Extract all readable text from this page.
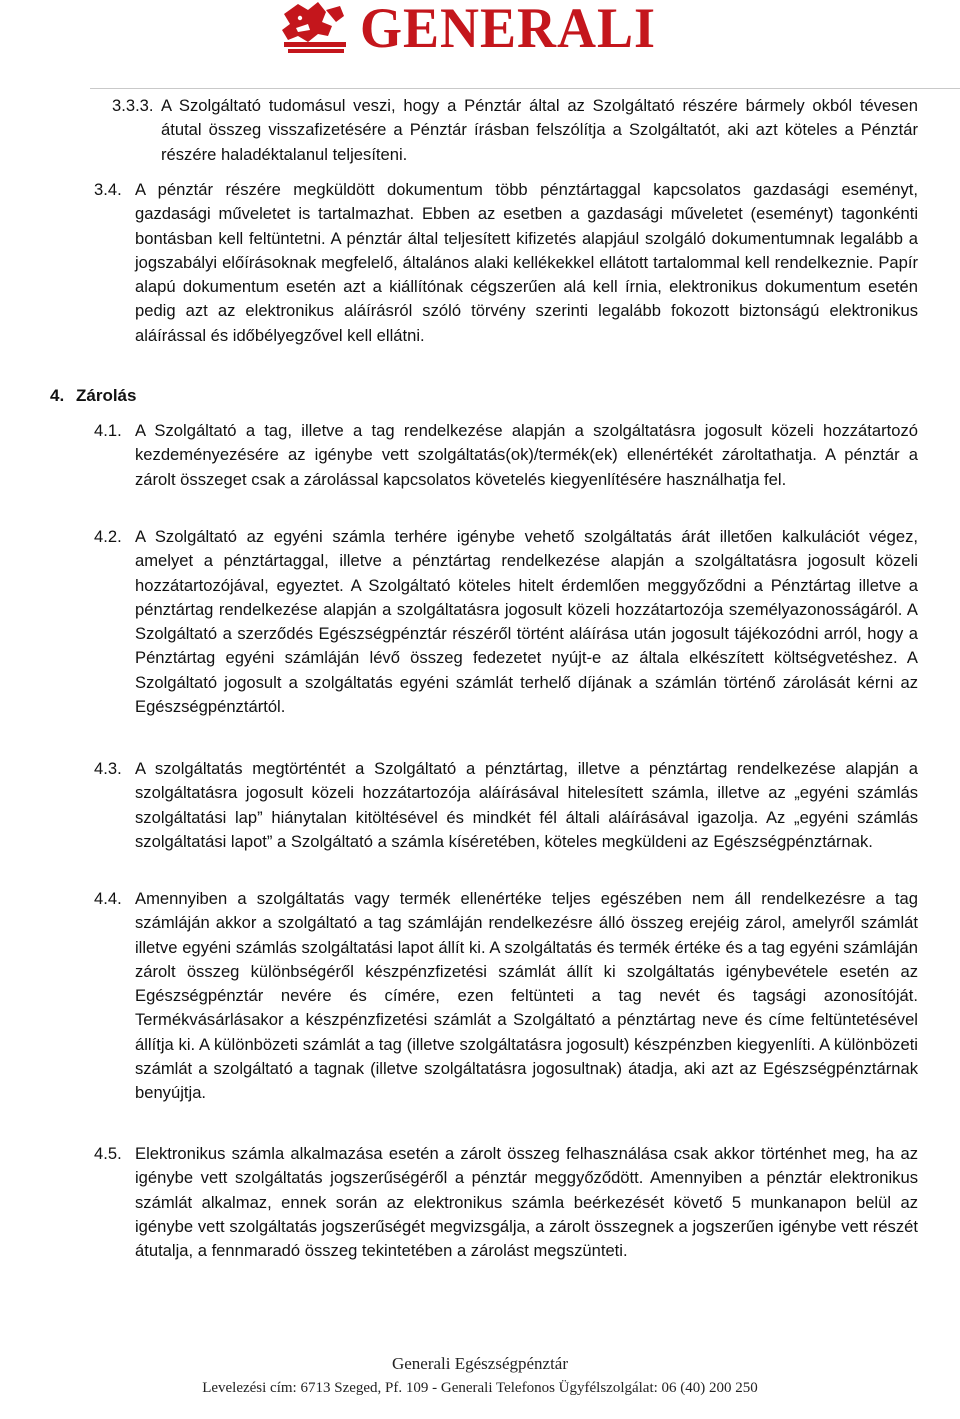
GENERALI
3.3.3. A Szolgáltató tudomásul veszi, hogy a Pénztár által az Szolgáltató részére bármely okból tévesen átutal összeg visszafizetésére a Pénztár írásban felszólítja a Szolgáltatót, aki azt köteles a Pénztár részére haladéktalanul teljesíteni.
3.4. A pénztár részére megküldött dokumentum több pénztártaggal kapcsolatos gazdasági eseményt, gazdasági műveletet is tartalmazhat. Ebben az esetben a gazdasági műveletet (eseményt) tagonkénti bontásban kell feltüntetni. A pénztár által teljesített kifizetés alapjául szolgáló dokumentumnak legalább a jogszabályi előírásoknak megfelelő, általános alaki kellékekkel ellátott tartalommal kell rendelkeznie. Papír alapú dokumentum esetén azt a kiállítónak cégszerűen alá kell írnia, elektronikus dokumentum esetén pedig azt az elektronikus aláírásról szóló törvény szerinti legalább fokozott biztonságú elektronikus aláírással és időbélyegzővel kell ellátni.
4. Zárolás
4.1. A Szolgáltató a tag, illetve a tag rendelkezése alapján a szolgáltatásra jogosult közeli hozzátartozó kezdeményezésére az igénybe vett szolgáltatás(ok)/termék(ek) ellenértékét zároltathatja. A pénztár a zárolt összeget csak a zárolással kapcsolatos követelés kiegyenlítésére használhatja fel.
4.2. A Szolgáltató az egyéni számla terhére igénybe vehető szolgáltatás árát illetően kalkulációt végez, amelyet a pénztártaggal, illetve a pénztártag rendelkezése alapján a szolgáltatásra jogosult közeli hozzátartozójával, egyeztet. A Szolgáltató köteles hitelt érdemlően meggyőződni a Pénztártag illetve a pénztártag rendelkezése alapján a szolgáltatásra jogosult közeli hozzátartozója személyazonosságáról. A Szolgáltató a szerződés Egészségpénztár részéről történt aláírása után jogosult tájékozódni arról, hogy a Pénztártag egyéni számláján lévő összeg fedezetet nyújt-e az általa elkészített költségvetéshez. A Szolgáltató jogosult a szolgáltatás egyéni számlát terhelő díjának a számlán történő zárolását kérni az Egészségpénztártól.
4.3. A szolgáltatás megtörténtét a Szolgáltató a pénztártag, illetve a pénztártag rendelkezése alapján a szolgáltatásra jogosult közeli hozzátartozója aláírásával hitelesített számla, illetve az „egyéni számlás szolgáltatási lap” hiánytalan kitöltésével és mindkét fél általi aláírásával igazolja. Az „egyéni számlás szolgáltatási lapot” a Szolgáltató a számla kíséretében, köteles megküldeni az Egészségpénztárnak.
4.4. Amennyiben a szolgáltatás vagy termék ellenértéke teljes egészében nem áll rendelkezésre a tag számláján akkor a szolgáltató a tag számláján rendelkezésre álló összeg erejéig zárol, amelyről számlát illetve egyéni számlás szolgáltatási lapot állít ki. A szolgáltatás és termék értéke és a tag egyéni számláján zárolt összeg különbségéről készpénzfizetési számlát állít ki szolgáltatás igénybevétele esetén az Egészségpénztár nevére és címére, ezen feltünteti a tag nevét és tagsági azonosítóját. Termékvásárlásakor a készpénzfizetési számlát a Szolgáltató a pénztártag neve és címe feltüntetésével állítja ki. A különbözeti számlát a tag (illetve szolgáltatásra jogosult) készpénzben kiegyenlíti. A különbözeti számlát a szolgáltató a tagnak (illetve szolgáltatásra jogosultnak) átadja, aki azt az Egészségpénztárnak benyújtja.
4.5. Elektronikus számla alkalmazása esetén a zárolt összeg felhasználása csak akkor történhet meg, ha az igénybe vett szolgáltatás jogszerűségéről a pénztár meggyőződött. Amennyiben a pénztár elektronikus számlát alkalmaz, ennek során az elektronikus számla beérkezését követő 5 munkanapon belül az igénybe vett szolgáltatás jogszerűségét megvizsgálja, a zárolt összegnek a jogszerűen igénybe vett részét átutalja, a fennmaradó összeg tekintetében a zárolást megszünteti.
Generali Egészségpénztár
Levelezési cím: 6713 Szeged, Pf. 109 - Generali Telefonos Ügyfélszolgálat: 06 (40) 200 250
